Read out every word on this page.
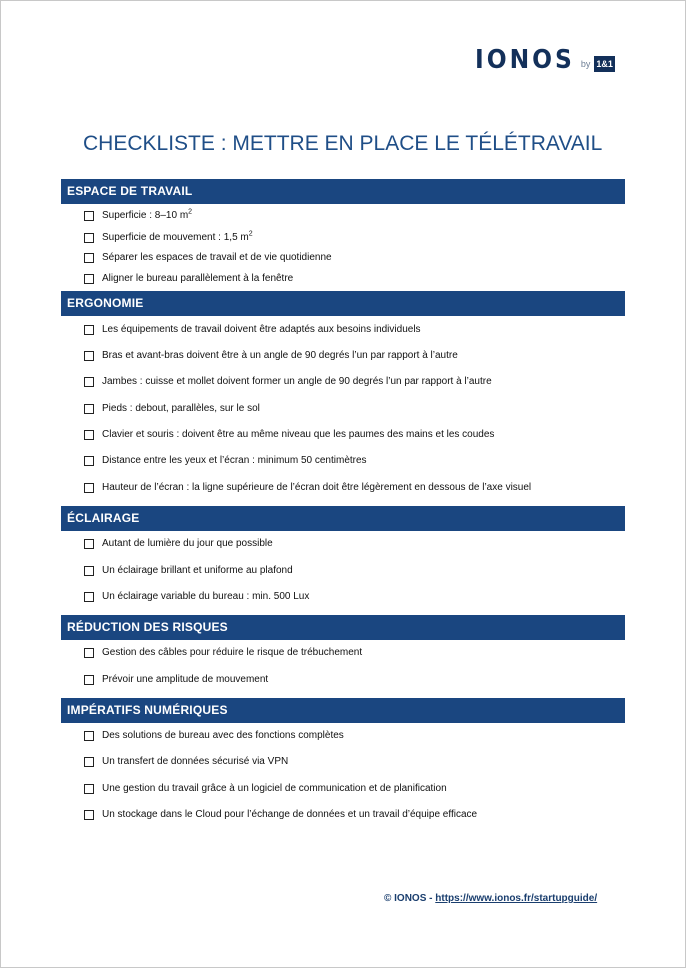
IONOS by 1&1
CHECKLISTE : METTRE EN PLACE LE TÉLÉTRAVAIL
ESPACE DE TRAVAIL
Superficie : 8–10 $m^2$
Superficie de mouvement : 1,5 $m^2$
Séparer les espaces de travail et de vie quotidienne
Aligner le bureau parallèlement à la fenêtre
ERGONOMIE
Les équipements de travail doivent être adaptés aux besoins individuels
Bras et avant-bras doivent être à un angle de 90 degrés l’un par rapport à l’autre
Jambes : cuisse et mollet doivent former un angle de 90 degrés l’un par rapport à l’autre
Pieds : debout, parallèles, sur le sol
Clavier et souris : doivent être au même niveau que les paumes des mains et les coudes
Distance entre les yeux et l’écran : minimum 50 centimètres
Hauteur de l’écran : la ligne supérieure de l’écran doit être légèrement en dessous de l’axe visuel
ÉCLAIRAGE
Autant de lumière du jour que possible
Un éclairage brillant et uniforme au plafond
Un éclairage variable du bureau : min. 500 Lux
RÉDUCTION DES RISQUES
Gestion des câbles pour réduire le risque de trébuchement
Prévoir une amplitude de mouvement
IMPÉRATIFS NUMÉRIQUES
Des solutions de bureau avec des fonctions complètes
Un transfert de données sécurisé via VPN
Une gestion du travail grâce à un logiciel de communication et de planification
Un stockage dans le Cloud pour l’échange de données et un travail d’équipe efficace
© IONOS - https://www.ionos.fr/startupguide/
